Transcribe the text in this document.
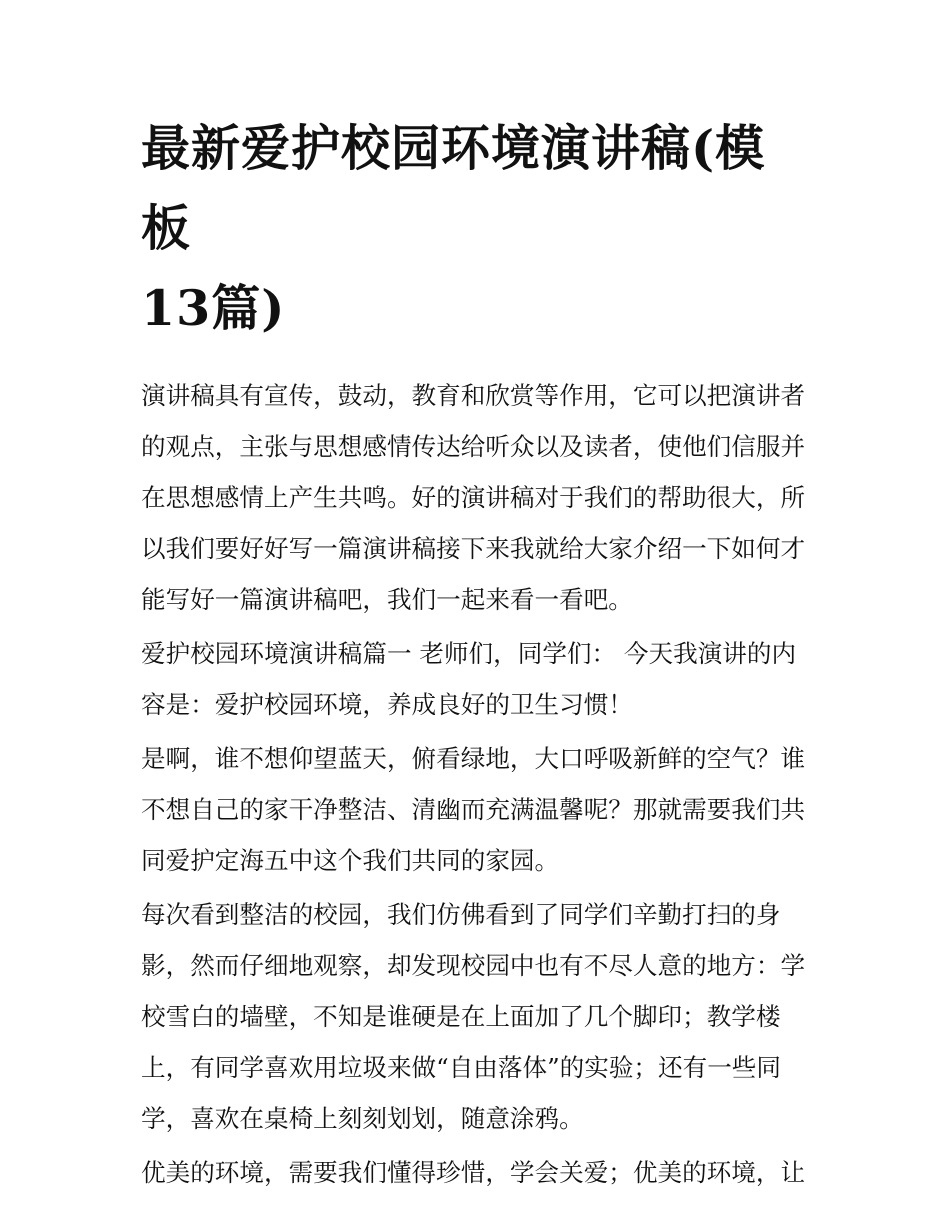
最新爱护校园环境演讲稿(模板
13篇)

演讲稿具有宣传，鼓动，教育和欣赏等作用，它可以把演讲者
的观点，主张与思想感情传达给听众以及读者，使他们信服并
在思想感情上产生共鸣。好的演讲稿对于我们的帮助很大，所
以我们要好好写一篇演讲稿接下来我就给大家介绍一下如何才
能写好一篇演讲稿吧，我们一起来看一看吧。

爱护校园环境演讲稿篇一 老师们，同学们： 今天我演讲的内
容是：爱护校园环境，养成良好的卫生习惯！

是啊，谁不想仰望蓝天，俯看绿地，大口呼吸新鲜的空气？谁
不想自己的家干净整洁、清幽而充满温馨呢？那就需要我们共
同爱护定海五中这个我们共同的家园。

每次看到整洁的校园，我们仿佛看到了同学们辛勤打扫的身
影，然而仔细地观察，却发现校园中也有不尽人意的地方：学
校雪白的墙壁，不知是谁硬是在上面加了几个脚印；教学楼
上，有同学喜欢用垃圾来做“自由落体”的实验；还有一些同
学，喜欢在桌椅上刻刻划划，随意涂鸦。

优美的环境，需要我们懂得珍惜，学会关爱；优美的环境，让
